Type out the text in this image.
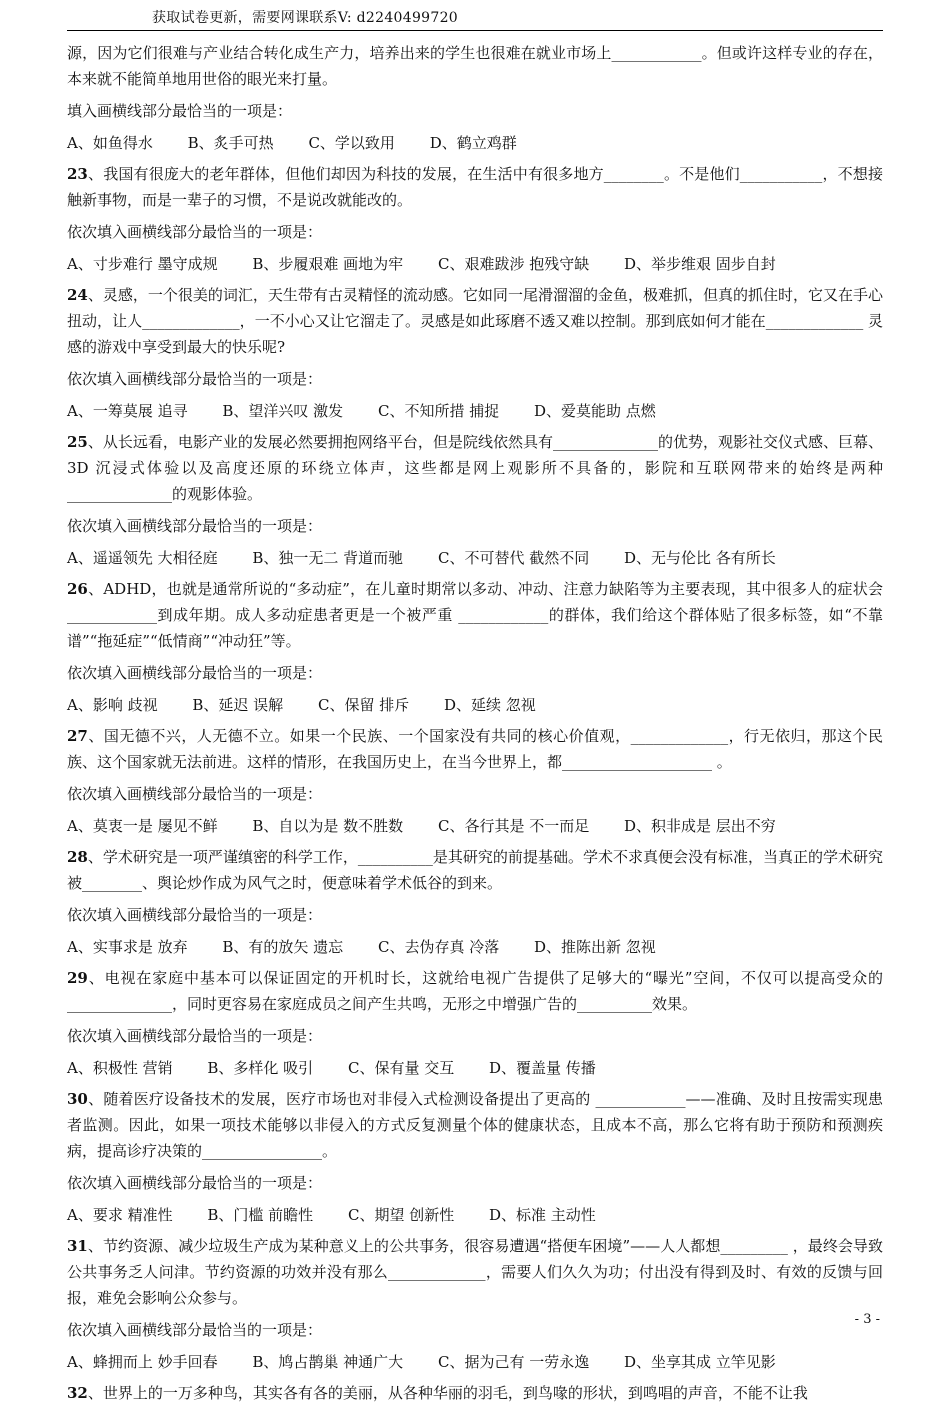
获取试卷更新，需要网课联系V: d2240499720

源，因为它们很难与产业结合转化成生产力，培养出来的学生也很难在就业市场上____________。但或许这样专业的存在，本来就不能简单地用世俗的眼光来打量。

填入画横线部分最恰当的一项是：

A、如鱼得水 B、炙手可热 C、学以致用 D、鹤立鸡群

23、我国有很庞大的老年群体，但他们却因为科技的发展，在生活中有很多地方________。不是他们___________，不想接触新事物，而是一辈子的习惯，不是说改就能改的。

依次填入画横线部分最恰当的一项是：

A、寸步难行 墨守成规 B、步履艰难 画地为牢 C、艰难跋涉 抱残守缺 D、举步维艰 固步自封

24、灵感，一个很美的词汇，天生带有古灵精怪的流动感。它如同一尾滑溜溜的金鱼，极难抓，但真的抓住时，它又在手心扭动，让人_____________，一不小心又让它溜走了。灵感是如此琢磨不透又难以控制。那到底如何才能在_____________ 灵感的游戏中享受到最大的快乐呢?

依次填入画横线部分最恰当的一项是：

A、一筹莫展 追寻 B、望洋兴叹 激发 C、不知所措 捕捉 D、爱莫能助 点燃

25、从长远看，电影产业的发展必然要拥抱网络平台，但是院线依然具有______________的优势，观影社交仪式感、巨幕、3D 沉浸式体验以及高度还原的环绕立体声，这些都是网上观影所不具备的，影院和互联网带来的始终是两种______________的观影体验。

依次填入画横线部分最恰当的一项是：

A、遥遥领先 大相径庭 B、独一无二 背道而驰 C、不可替代 截然不同 D、无与伦比 各有所长

26、ADHD，也就是通常所说的“多动症”，在儿童时期常以多动、冲动、注意力缺陷等为主要表现，其中很多人的症状会 ____________到成年期。成人多动症患者更是一个被严重 ____________的群体，我们给这个群体贴了很多标签，如“不靠谱”“拖延症”“低情商”“冲动狂”等。

依次填入画横线部分最恰当的一项是：

A、影响 歧视 B、延迟 误解 C、保留 排斥 D、延续 忽视

27、国无德不兴，人无德不立。如果一个民族、一个国家没有共同的核心价值观，_____________，行无依归，那这个民族、这个国家就无法前进。这样的情形，在我国历史上，在当今世界上，都____________________ 。

依次填入画横线部分最恰当的一项是：

A、莫衷一是 屡见不鲜 B、自以为是 数不胜数 C、各行其是 不一而足 D、积非成是 层出不穷

28、学术研究是一项严谨缜密的科学工作，__________是其研究的前提基础。学术不求真便会没有标准，当真正的学术研究被________、舆论炒作成为风气之时，便意味着学术低谷的到来。

依次填入画横线部分最恰当的一项是：

A、实事求是 放弃 B、有的放矢 遗忘 C、去伪存真 冷落 D、推陈出新 忽视

29、电视在家庭中基本可以保证固定的开机时长，这就给电视广告提供了足够大的“曝光”空间，不仅可以提高受众的______________，同时更容易在家庭成员之间产生共鸣，无形之中增强广告的__________效果。

依次填入画横线部分最恰当的一项是：

A、积极性 营销 B、多样化 吸引 C、保有量 交互 D、覆盖量 传播

30、随着医疗设备技术的发展，医疗市场也对非侵入式检测设备提出了更高的 ____________——准确、及时且按需实现患者监测。因此，如果一项技术能够以非侵入的方式反复测量个体的健康状态，且成本不高，那么它将有助于预防和预测疾病，提高诊疗决策的________________。

依次填入画横线部分最恰当的一项是：

A、要求 精准性 B、门槛 前瞻性 C、期望 创新性 D、标准 主动性

31、节约资源、减少垃圾生产成为某种意义上的公共事务，很容易遭遇“搭便车困境”——人人都想_________ ，最终会导致公共事务乏人问津。节约资源的功效并没有那么_____________，需要人们久久为功；付出没有得到及时、有效的反馈与回报，难免会影响公众参与。

依次填入画横线部分最恰当的一项是：

A、蜂拥而上 妙手回春 B、鸠占鹊巢 神通广大 C、据为己有 一劳永逸 D、坐享其成 立竿见影

32、世界上的一万多种鸟，其实各有各的美丽，从各种华丽的羽毛，到鸟喙的形状，到鸣唱的声音，不能不让我

- 3 -
